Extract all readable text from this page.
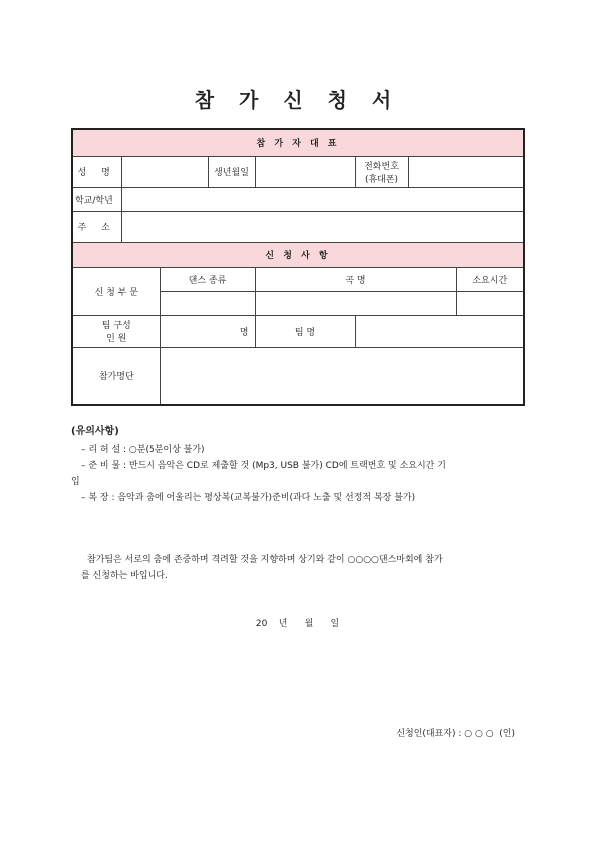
참 가 신 청 서
참 가 자 대 표							
성 명			생년월일		전화번호
(휴대폰)		

학교/학년							
주 소							
신 청 사 항							
신 청 부 문		댄스 종류		곡 명			소요시간

팀 구성
인 원		명		팀 명			
참가명단							
(유의사항)
– 리 허 설 : ○분(5분이상 불가)
– 준 비 물 : 반드시 음악은 CD로 제출할 것 (Mp3, USB 불가) CD에 트랙번호 및 소요시간 기
입
– 복 장 : 음악과 춤에 어울리는 평상복(교복불가)준비(과다 노출 및 선정적 복장 불가)
참가팀은 서로의 춤에 존중하며 격려할 것을 지향하며 상기와 같이 ○○○○댄스마회에 참가
를 신청하는 바입니다.
20    년      월      일
신청인(대표자) : ○ ○ ○  (인)
